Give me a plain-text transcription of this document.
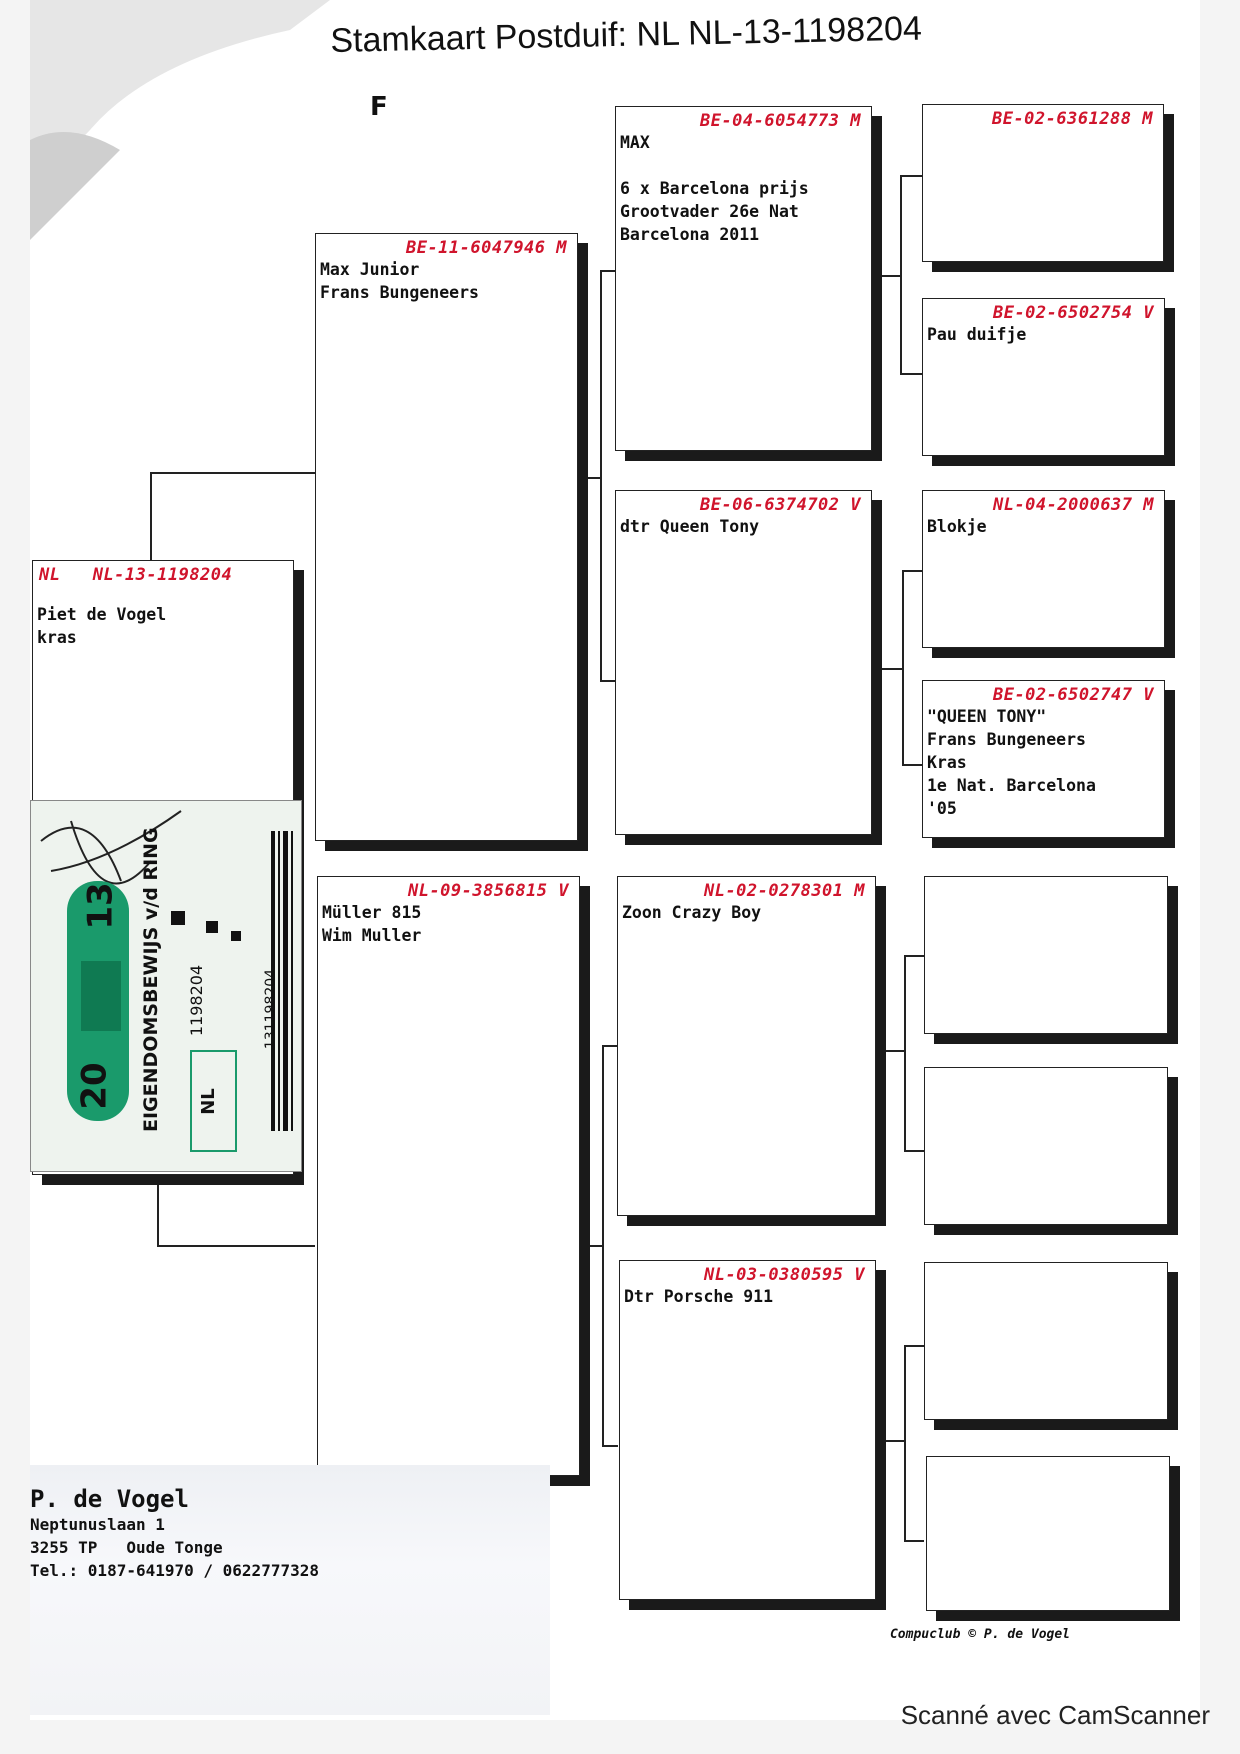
Stamkaart Postduif: NL NL-13-1198204
F
NL NL-13-1198204
Piet de Vogel
kras
20
13 EIGENDOMSBEWIJS v/d RING 1198204
NL
131198204
BE-11-6047946 M
Max Junior
Frans Bungeneers
NL-09-3856815 V
Müller 815
Wim Muller
BE-04-6054773 M
MAX

6 x Barcelona prijs
Grootvader 26e Nat
Barcelona 2011
BE-06-6374702 V
dtr Queen Tony
NL-02-0278301 M
Zoon Crazy Boy
NL-03-0380595 V
Dtr Porsche 911
BE-02-6361288 M
BE-02-6502754 V
Pau duifje
NL-04-2000637 M
Blokje
BE-02-6502747 V
"QUEEN TONY"
Frans Bungeneers
Kras
1e Nat. Barcelona
'05
P. de Vogel
Neptunuslaan 1
3255 TP   Oude Tonge
Tel.: 0187-641970 / 0622777328
Compuclub © P. de Vogel
Scanné avec CamScanner
